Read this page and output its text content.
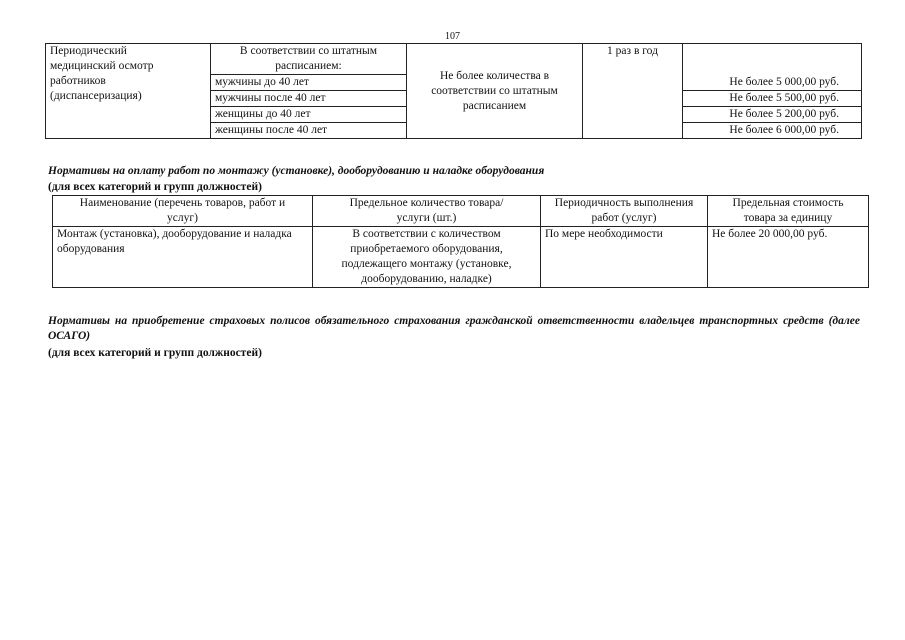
107
Периодический медицинский осмотр работников (диспансеризация)	В соответствии со штатным расписанием:	Не более количества в соответствии со штатным расписанием	1 раз в год	
	мужчины до 40 лет			Не более 5 000,00 руб.
	мужчины после 40 лет			Не более 5 500,00 руб.
	женщины до 40 лет			Не более 5 200,00 руб.
	женщины после 40 лет			Не более 6 000,00 руб.
Нормативы на оплату работ по монтажу (установке), дооборудованию и наладке оборудования
(для всех категорий и групп должностей)
Наименование (перечень товаров, работ и услуг)	Предельное количество товара/услуги (шт.)	Периодичность выполнения работ (услуг)	Предельная стоимость товара за единицу
Монтаж (установка), дооборудование и наладка оборудования	В соответствии с количеством приобретаемого оборудования, подлежащего монтажу (установке, дооборудованию, наладке)	По мере необходимости	Не более 20 000,00 руб.
Нормативы на приобретение страховых полисов обязательного страхования гражданской ответственности владельцев транспортных средств (далее ОСАГО)
(для всех категорий и групп должностей)
